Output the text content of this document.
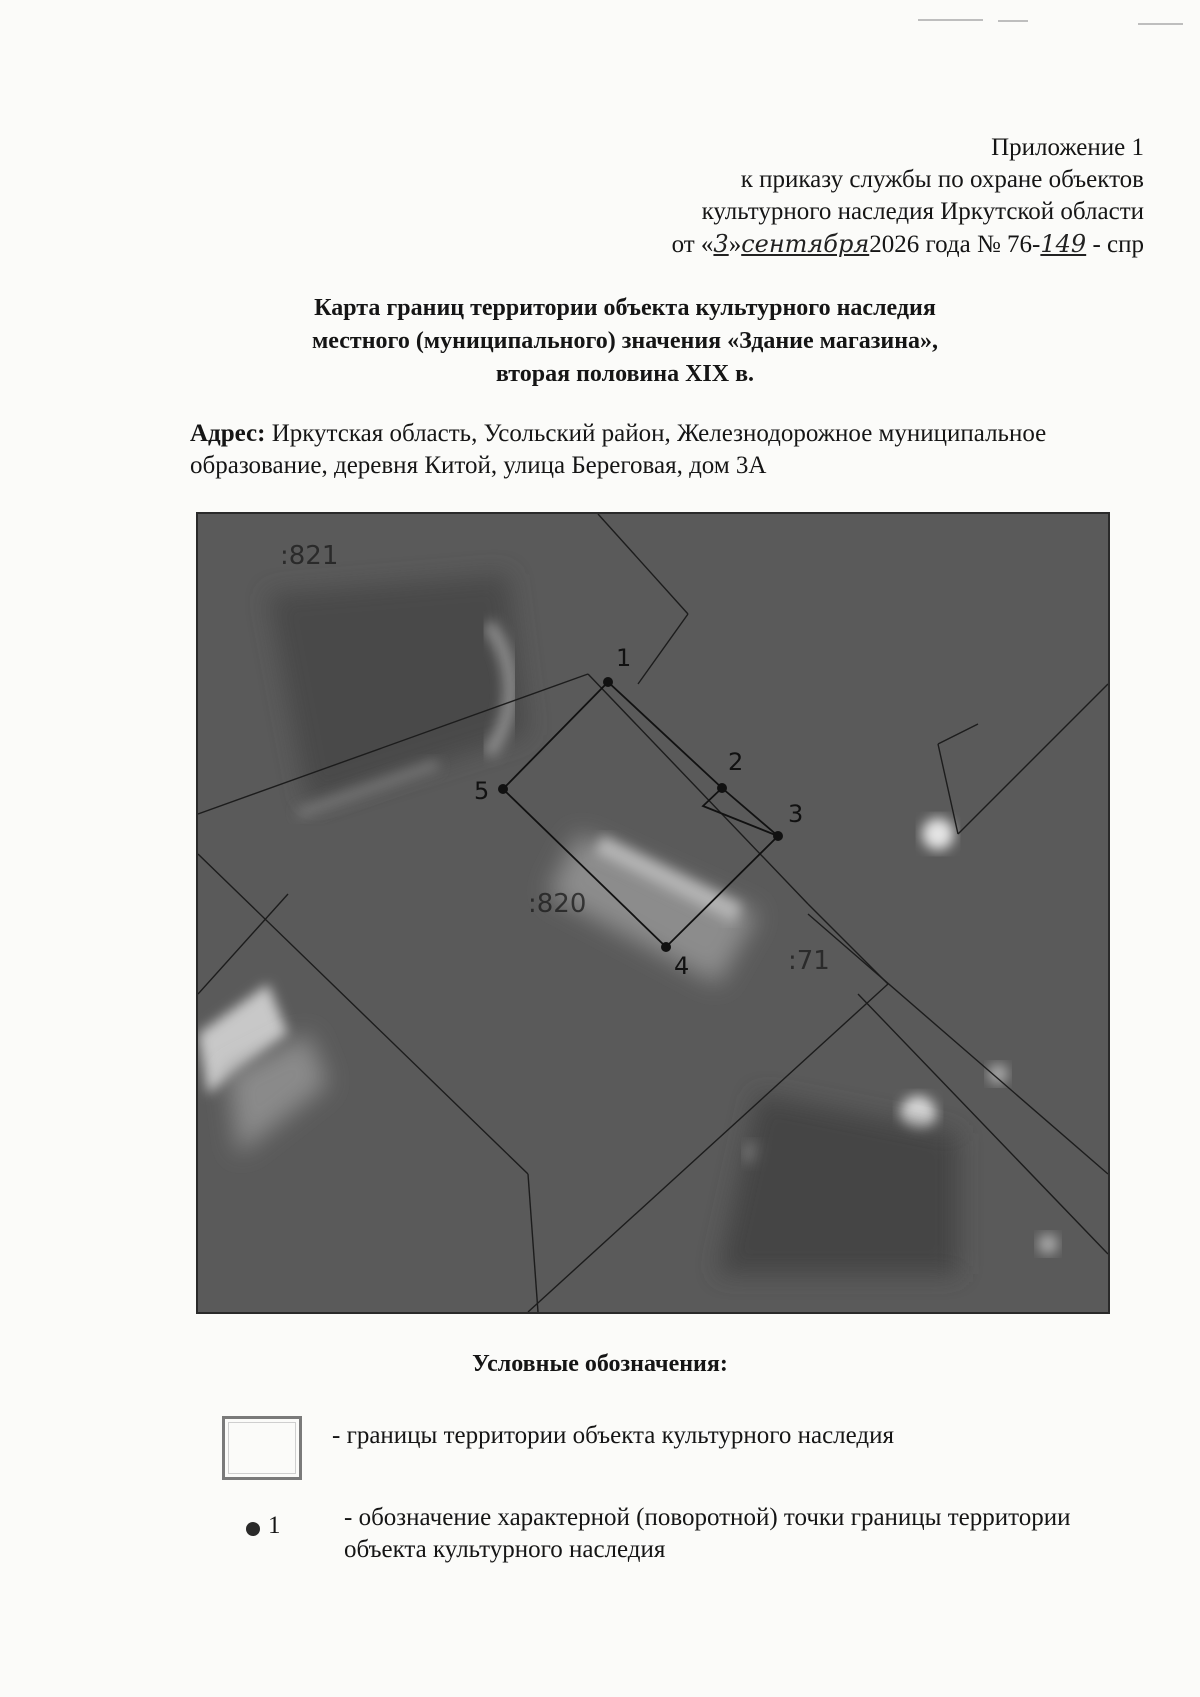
Приложение 1
к приказу службы по охране объектов
культурного наследия Иркутской области
от «3»сентября2026 года № 76-149 - спр
Карта границ территории объекта культурного наследия
местного (муниципального) значения «Здание магазина»,
вторая половина XIX в.
Адрес: Иркутская область, Усольский район, Железнодорожное муниципальное образование, деревня Китой, улица Береговая, дом 3А
:821
:820
:71
1
2
3
4
5
Условные обозначения:
- границы территории объекта культурного наследия
1	- обозначение характерной (поворотной) точки границы территории объекта культурного наследия
